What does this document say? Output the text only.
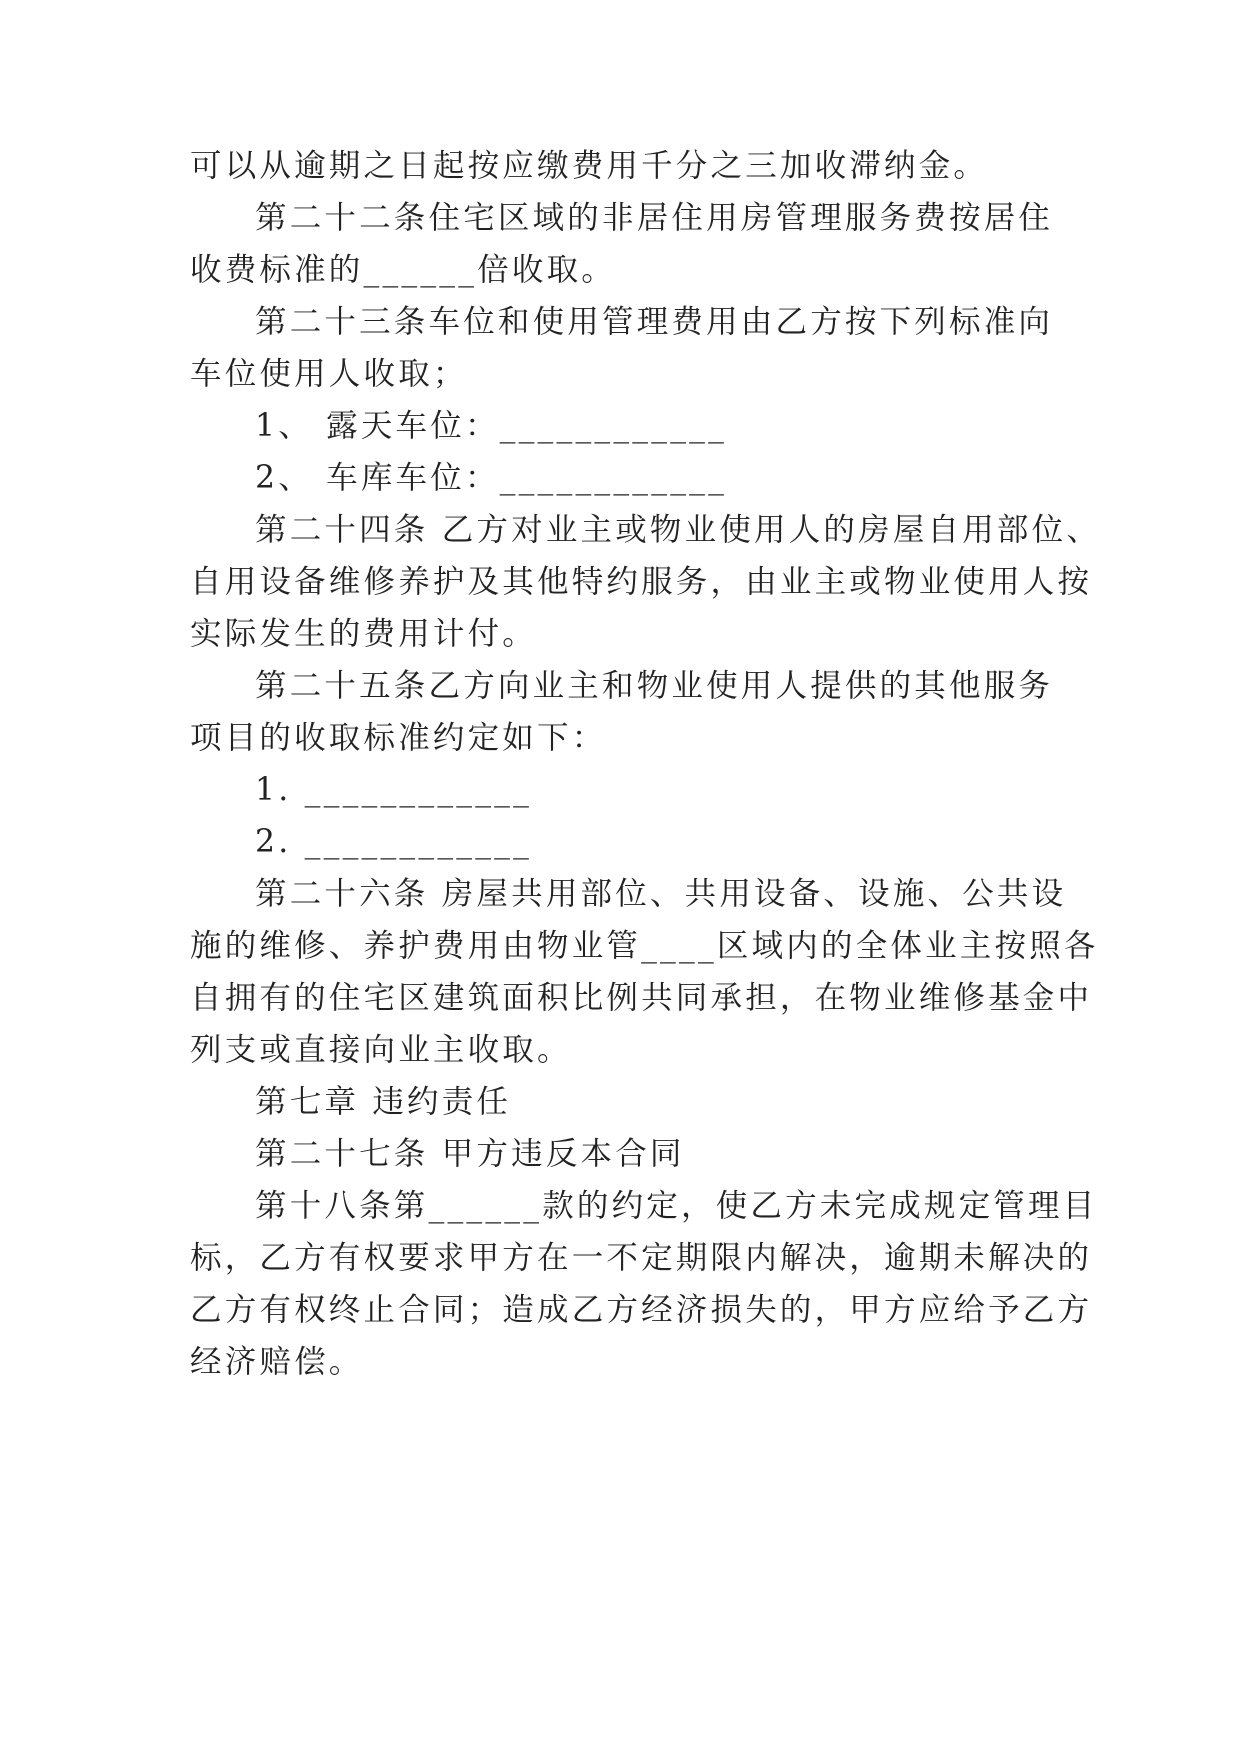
可以从逾期之日起按应缴费用千分之三加收滞纳金。
第二十二条住宅区域的非居住用房管理服务费按居住
收费标准的______倍收取。
第二十三条车位和使用管理费用由乙方按下列标准向
车位使用人收取；
1、 露天车位：____________
2、 车库车位：____________
第二十四条 乙方对业主或物业使用人的房屋自用部位、
自用设备维修养护及其他特约服务，由业主或物业使用人按
实际发生的费用计付。
第二十五条乙方向业主和物业使用人提供的其他服务
项目的收取标准约定如下：
1. ____________
2. ____________
第二十六条 房屋共用部位、共用设备、设施、公共设
施的维修、养护费用由物业管____区域内的全体业主按照各
自拥有的住宅区建筑面积比例共同承担，在物业维修基金中
列支或直接向业主收取。
第七章 违约责任
第二十七条 甲方违反本合同
第十八条第______款的约定，使乙方未完成规定管理目
标，乙方有权要求甲方在一不定期限内解决，逾期未解决的
乙方有权终止合同；造成乙方经济损失的，甲方应给予乙方
经济赔偿。
